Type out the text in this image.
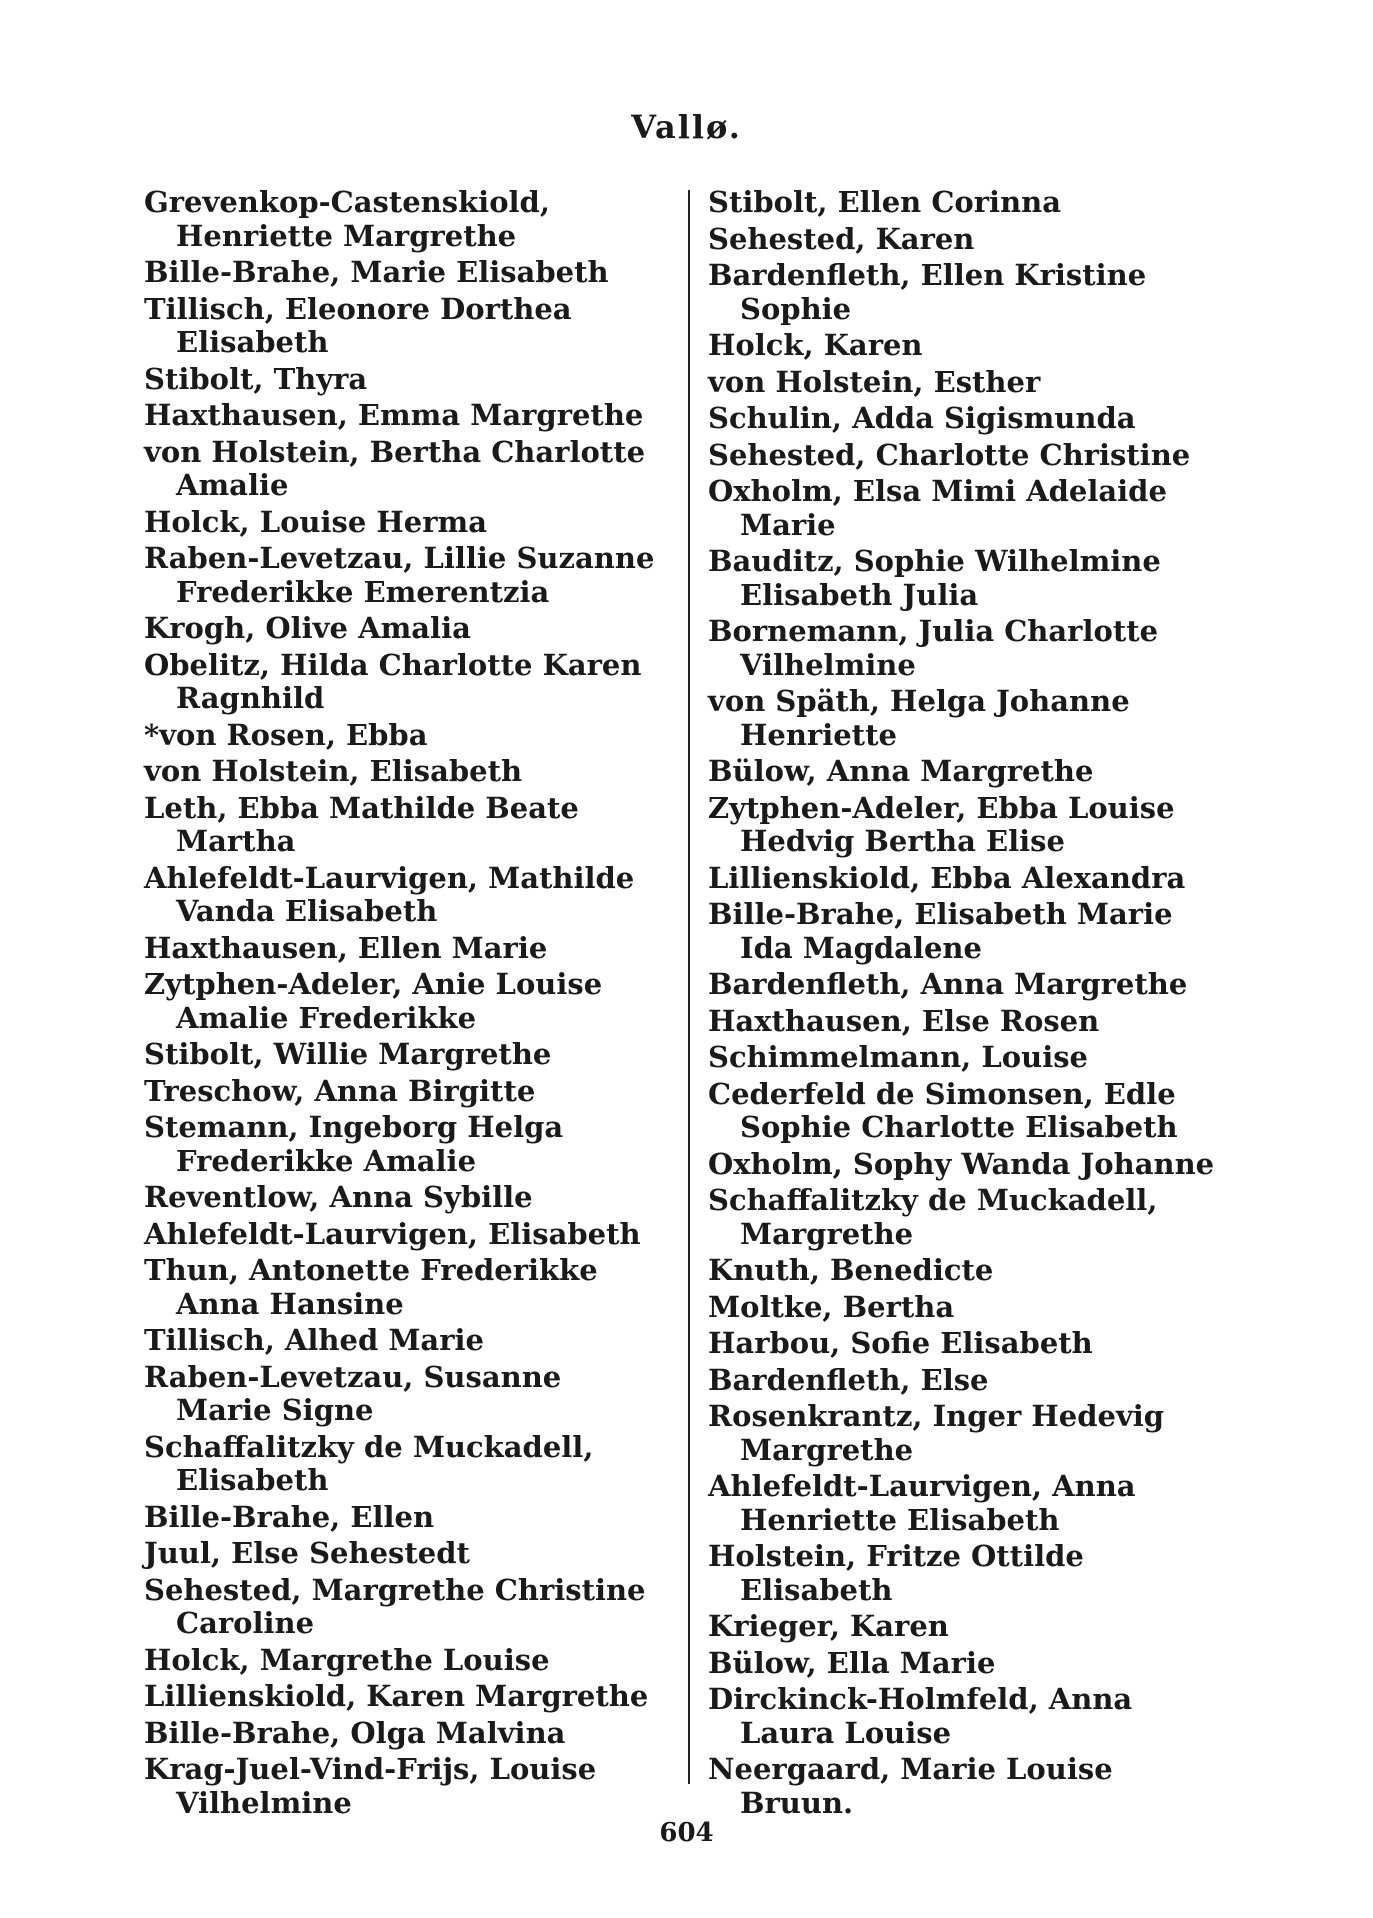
Vallø.

Grevenkop-Castenskiold, Henriette Margrethe

Bille-Brahe, Marie Elisabeth

Tillisch, Eleonore Dorthea Elisabeth

Stibolt, Thyra

Haxthausen, Emma Margrethe

von Holstein, Bertha Charlotte Amalie

Holck, Louise Herma

Raben-Levetzau, Lillie Suzanne Frederikke Emerentzia

Krogh, Olive Amalia

Obelitz, Hilda Charlotte Karen Ragnhild

*von Rosen, Ebba

von Holstein, Elisabeth

Leth, Ebba Mathilde Beate Martha

Ahlefeldt-Laurvigen, Mathilde Vanda Elisabeth

Haxthausen, Ellen Marie

Zytphen-Adeler, Anie Louise Amalie Frederikke

Stibolt, Willie Margrethe

Treschow, Anna Birgitte

Stemann, Ingeborg Helga Frederikke Amalie

Reventlow, Anna Sybille

Ahlefeldt-Laurvigen, Elisabeth

Thun, Antonette Frederikke Anna Hansine

Tillisch, Alhed Marie

Raben-Levetzau, Susanne Marie Signe

Schaffalitzky de Muckadell, Elisabeth

Bille-Brahe, Ellen

Juul, Else Sehestedt

Sehested, Margrethe Christine Caroline

Holck, Margrethe Louise

Lillienskiold, Karen Margrethe

Bille-Brahe, Olga Malvina

Krag-Juel-Vind-Frijs, Louise Vilhelmine

Stibolt, Ellen Corinna

Sehested, Karen

Bardenfleth, Ellen Kristine Sophie

Holck, Karen

von Holstein, Esther

Schulin, Adda Sigismunda

Sehested, Charlotte Christine

Oxholm, Elsa Mimi Adelaide Marie

Bauditz, Sophie Wilhelmine Elisabeth Julia

Bornemann, Julia Charlotte Vilhelmine

von Späth, Helga Johanne Henriette

Bülow, Anna Margrethe

Zytphen-Adeler, Ebba Louise Hedvig Bertha Elise

Lillienskiold, Ebba Alexandra

Bille-Brahe, Elisabeth Marie Ida Magdalene

Bardenfleth, Anna Margrethe

Haxthausen, Else Rosen

Schimmelmann, Louise

Cederfeld de Simonsen, Edle Sophie Charlotte Elisabeth

Oxholm, Sophy Wanda Johanne

Schaffalitzky de Muckadell, Margrethe

Knuth, Benedicte

Moltke, Bertha

Harbou, Sofie Elisabeth

Bardenfleth, Else

Rosenkrantz, Inger Hedevig Margrethe

Ahlefeldt-Laurvigen, Anna Henriette Elisabeth

Holstein, Fritze Ottilde Elisabeth

Krieger, Karen

Bülow, Ella Marie

Dirckinck-Holmfeld, Anna Laura Louise

Neergaard, Marie Louise Bruun.

604
